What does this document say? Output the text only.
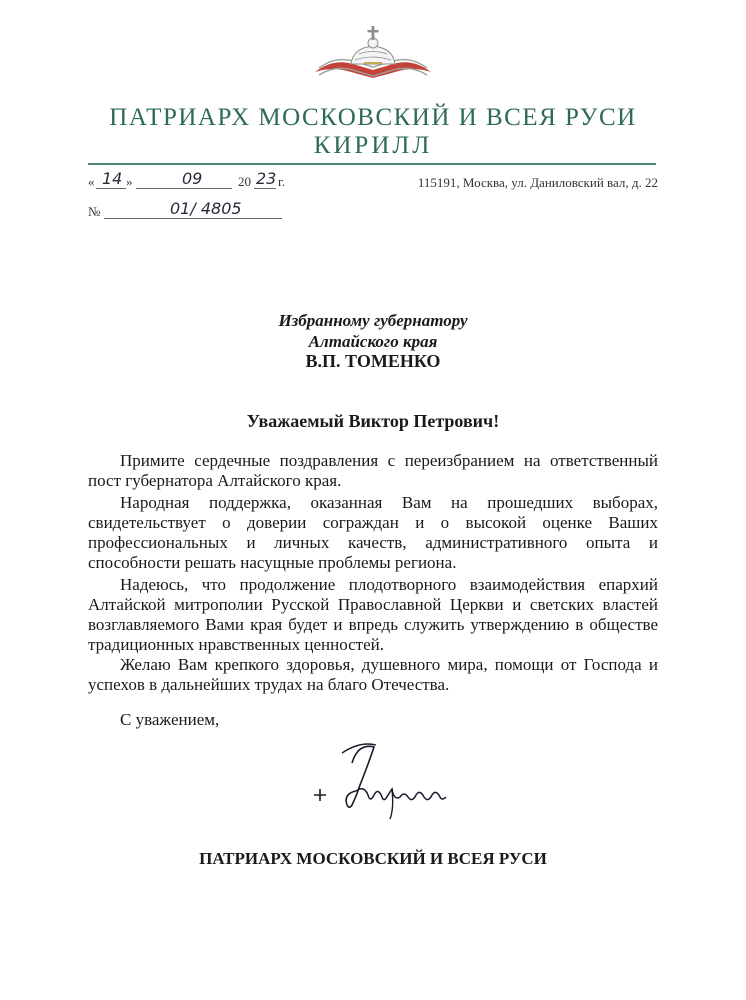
ПАТРИАРХ МОСКОВСКИЙ И ВСЕЯ РУСИ
КИРИЛЛ
« 14 »	09	20 23 г.	115191, Москва, ул. Даниловский вал, д. 22
№	01/ 4805
Избранному губернатору
Алтайского края
В.П. ТОМЕНКО
Уважаемый Виктор Петрович!

Примите сердечные поздравления с переизбранием на ответственный пост губернатора Алтайского края.

Народная поддержка, оказанная Вам на прошедших выборах, свидетельствует о доверии сограждан и о высокой оценке Ваших профессиональных и личных качеств, административного опыта и способности решать насущные проблемы региона.

Надеюсь, что продолжение плодотворного взаимодействия епархий Алтайской митрополии Русской Православной Церкви и светских властей возглавляемого Вами края будет и впредь служить утверждению в обществе традиционных нравственных ценностей.

Желаю Вам крепкого здоровья, душевного мира, помощи от Господа и успехов в дальнейших трудах на благо Отечества.

С уважением,
ПАТРИАРХ МОСКОВСКИЙ И ВСЕЯ РУСИ
